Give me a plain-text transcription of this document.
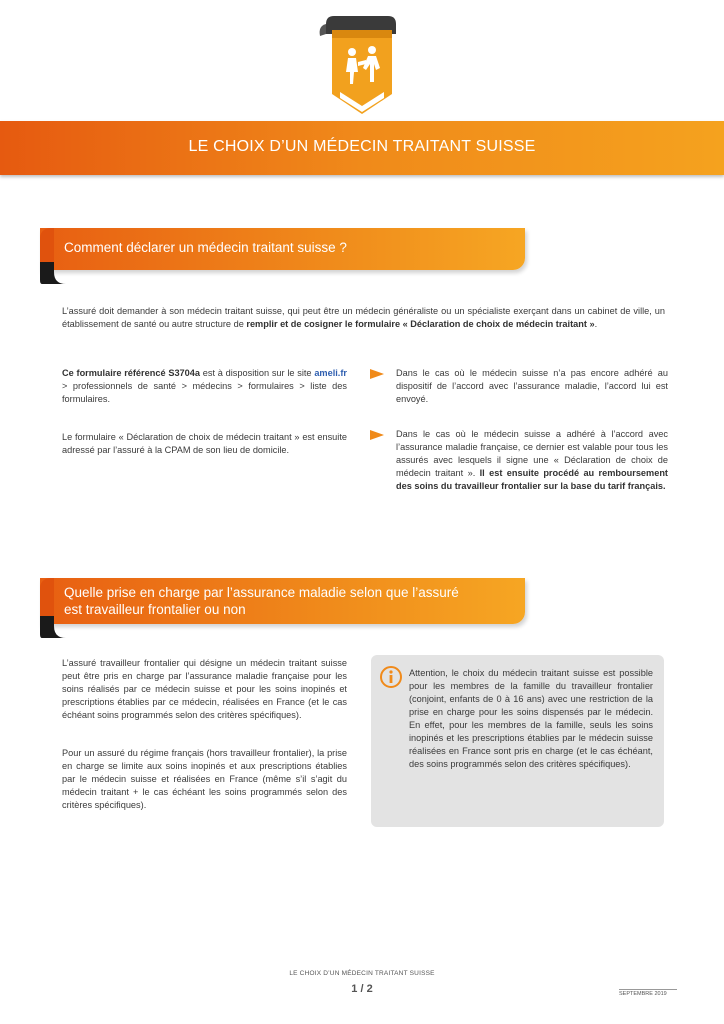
LE CHOIX D’UN MÉDECIN TRAITANT SUISSE
Comment déclarer un médecin traitant suisse ?

L’assuré doit demander à son médecin traitant suisse, qui peut être un médecin généraliste ou un spécialiste exerçant dans un cabinet de ville, un établissement de santé ou autre structure de remplir et de cosigner le formulaire « Déclaration de choix de médecin traitant ».

Ce formulaire référencé S3704a est à disposition sur le site ameli.fr > professionnels de santé > médecins > formulaires > liste des formulaires.

Le formulaire « Déclaration de choix de médecin traitant » est ensuite adressé par l’assuré à la CPAM de son lieu de domicile.

Dans le cas où le médecin suisse n’a pas encore adhéré au dispositif de l’accord avec l’assurance maladie, l’accord lui est envoyé.

Dans le cas où le médecin suisse a adhéré à l’accord avec l’assurance maladie française, ce dernier est valable pour tous les assurés avec lesquels il signe une « Déclaration de choix de médecin traitant ». Il est ensuite procédé au remboursement des soins du travailleur frontalier sur la base du tarif français.

Quelle prise en charge par l’assurance maladie selon que l’assuré
est travailleur frontalier ou non

L’assuré travailleur frontalier qui désigne un médecin traitant suisse peut être pris en charge par l’assurance maladie française pour les soins réalisés par ce médecin suisse et pour les soins inopinés et prescriptions établies par ce médecin, réalisées en France (et le cas échéant soins programmés selon des critères spécifiques).

Pour un assuré du régime français (hors travailleur frontalier), la prise en charge se limite aux soins inopinés et aux prescriptions établies par le médecin suisse et réalisées en France (même s’il s’agit du médecin traitant + le cas échéant les soins programmés selon des critères spécifiques).

Attention, le choix du médecin traitant suisse est possible pour les membres de la famille du travailleur frontalier (conjoint, enfants de 0 à 16 ans) avec une restriction de la prise en charge pour les soins dispensés par le médecin. En effet, pour les membres de la famille, seuls les soins inopinés et les prescriptions établies par le médecin suisse réalisées en France sont pris en charge (et le cas échéant, des soins programmés selon des critères spécifiques).

LE CHOIX D’UN MÉDECIN TRAITANT SUISSE
1 / 2	SEPTEMBRE 2019
